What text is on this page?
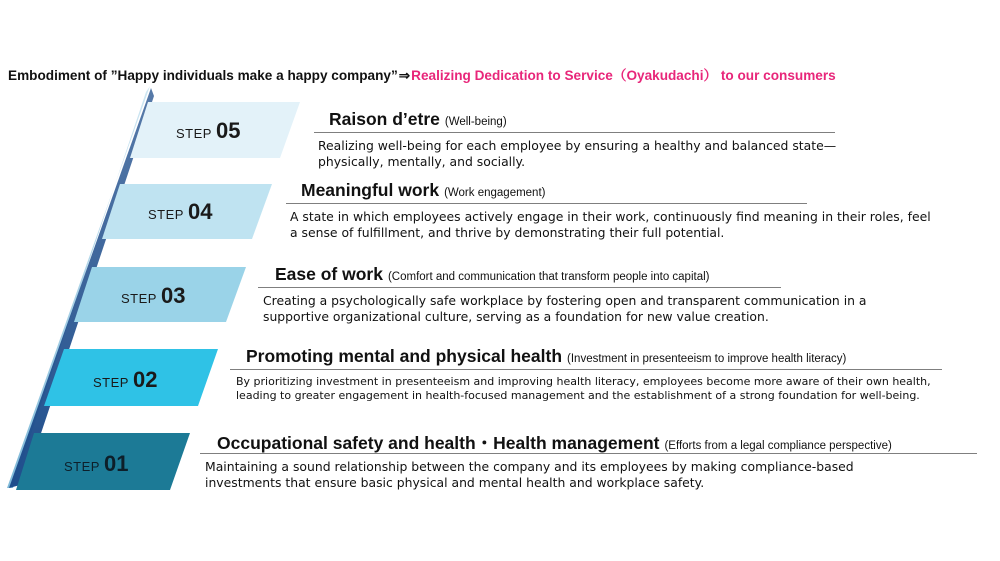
Embodiment of ”Happy individuals make a happy company”⇒Realizing Dedication to Service（Oyakudachi） to our consumers
STEP 05	Raison d’etre (Well-being)
Realizing well-being for each employee by ensuring a healthy and balanced state—physically, mentally, and socially.
STEP 04
Meaningful work (Work engagement)
A state in which employees actively engage in their work, continuously find meaning in their roles, feel a sense of fulfillment, and thrive by demonstrating their full potential.
STEP 03
Ease of work (Comfort and communication that transform people into capital)
Creating a psychologically safe workplace by fostering open and transparent communication in a supportive organizational culture, serving as a foundation for new value creation.
STEP 02
Promoting mental and physical health (Investment in presenteeism to improve health literacy)
By prioritizing investment in presenteeism and improving health literacy, employees become more aware of their own health, leading to greater engagement in health-focused management and the establishment of a strong foundation for well-being.
STEP 01
Occupational safety and health・Health management (Efforts from a legal compliance perspective)
Maintaining a sound relationship between the company and its employees by making compliance-based investments that ensure basic physical and mental health and workplace safety.
